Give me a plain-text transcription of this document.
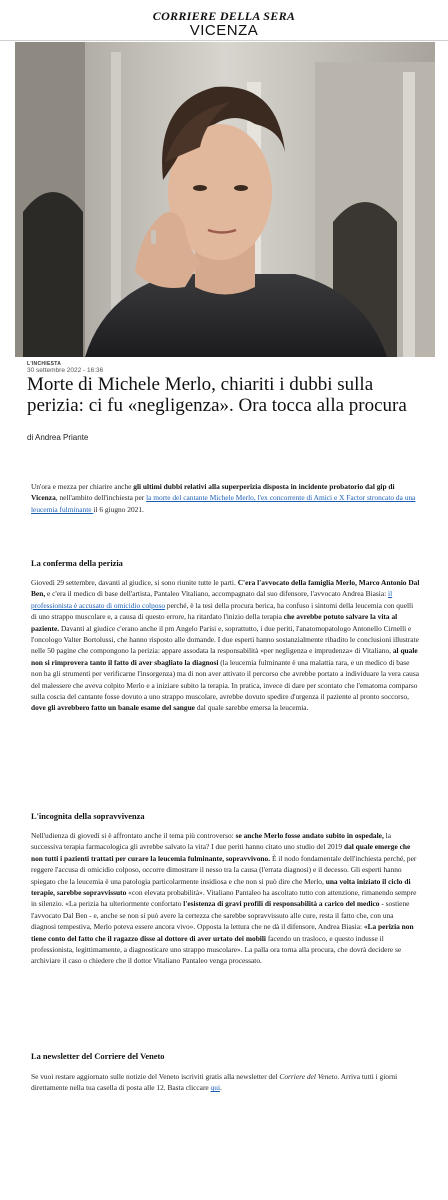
CORRIERE DELLA SERA
VICENZA
L'INCHIESTA
30 settembre 2022 - 16:36
Morte di Michele Merlo, chiariti i dubbi sulla perizia: ci fu «negligenza». Ora tocca alla procura
di Andrea Priante

Un'ora e mezza per chiarire anche gli ultimi dubbi relativi alla superperizia disposta in incidente probatorio dal gip di Vicenza, nell'ambito dell'inchiesta per la morte del cantante Michele Merlo, l'ex concorrente di Amici e X Factor stroncato da una leucemia fulminante il 6 giugno 2021.

La conferma della perizia

Giovedì 29 settembre, davanti al giudice, si sono riunite tutte le parti. C'era l'avvocato della famiglia Merlo, Marco Antonio Dal Ben, e c'era il medico di base dell'artista, Pantaleo Vitaliano, accompagnato dal suo difensore, l'avvocato Andrea Biasia: il professionista è accusato di omicidio colposo perché, è la tesi della procura berica, ha confuso i sintomi della leucemia con quelli di uno strappo muscolare e, a causa di questo errore, ha ritardato l'inizio della terapia che avrebbe potuto salvare la vita al paziente. Davanti al giudice c'erano anche il pm Angelo Parisi e, soprattutto, i due periti, l'anatomopatologo Antonello Cirnelli e l'oncologo Valter Bortolussi, che hanno risposto alle domande. I due esperti hanno sostanzialmente ribadito le conclusioni illustrate nelle 50 pagine che compongono la perizia: appare assodata la responsabilità «per negligenza e imprudenza» di Vitaliano, al quale non si rimprovera tanto il fatto di aver sbagliato la diagnosi (la leucemia fulminante è una malattia rara, e un medico di base non ha gli strumenti per verificarne l'insorgenza) ma di non aver attivato il percorso che avrebbe portato a individuare la vera causa del malessere che aveva colpito Merlo e a iniziare subito la terapia. In pratica, invece di dare per scontato che l'ematoma comparso sulla coscia del cantante fosse dovuto a uno strappo muscolare, avrebbe dovuto spedire d'urgenza il paziente al pronto soccorso, dove gli avrebbero fatto un banale esame del sangue dal quale sarebbe emersa la leucemia.

L'incognita della sopravvivenza

Nell'udienza di giovedì si è affrontato anche il tema più controverso: se anche Merlo fosse andato subito in ospedale, la successiva terapia farmacologica gli avrebbe salvato la vita? I due periti hanno citato uno studio del 2019 dal quale emerge che non tutti i pazienti trattati per curare la leucemia fulminante, sopravvivono. È il nodo fondamentale dell'inchiesta perché, per reggere l'accusa di omicidio colposo, occorre dimostrare il nesso tra la causa (l'errata diagnosi) e il decesso. Gli esperti hanno spiegato che la leucemia è una patologia particolarmente insidiosa e che non si può dire che Merlo, una volta iniziato il ciclo di terapie, sarebbe sopravvissuto «con elevata probabilità». Vitaliano Pantaleo ha ascoltato tutto con attenzione, rimanendo sempre in silenzio. «La perizia ha ulteriormente confortato l'esistenza di gravi profili di responsabilità a carico del medico - sostiene l'avvocato Dal Ben - e, anche se non si può avere la certezza che sarebbe sopravvissuto alle cure, resta il fatto che, con una diagnosi tempestiva, Merlo poteva essere ancora vivo». Opposta la lettura che ne dà il difensore, Andrea Biasia: «La perizia non tiene conto del fatto che il ragazzo disse al dottore di aver urtato dei mobili facendo un trasloco, e questo indusse il professionista, legittimamente, a diagnosticare uno strappo muscolare». La palla ora torna alla procura, che dovrà decidere se archiviare il caso o chiedere che il dottor Vitaliano Pantaleo venga processato.

La newsletter del Corriere del Veneto

Se vuoi restare aggiornato sulle notizie del Veneto iscriviti gratis alla newsletter del Corriere del Veneto. Arriva tutti i giorni direttamente nella tua casella di posta alle 12. Basta cliccare qui.
